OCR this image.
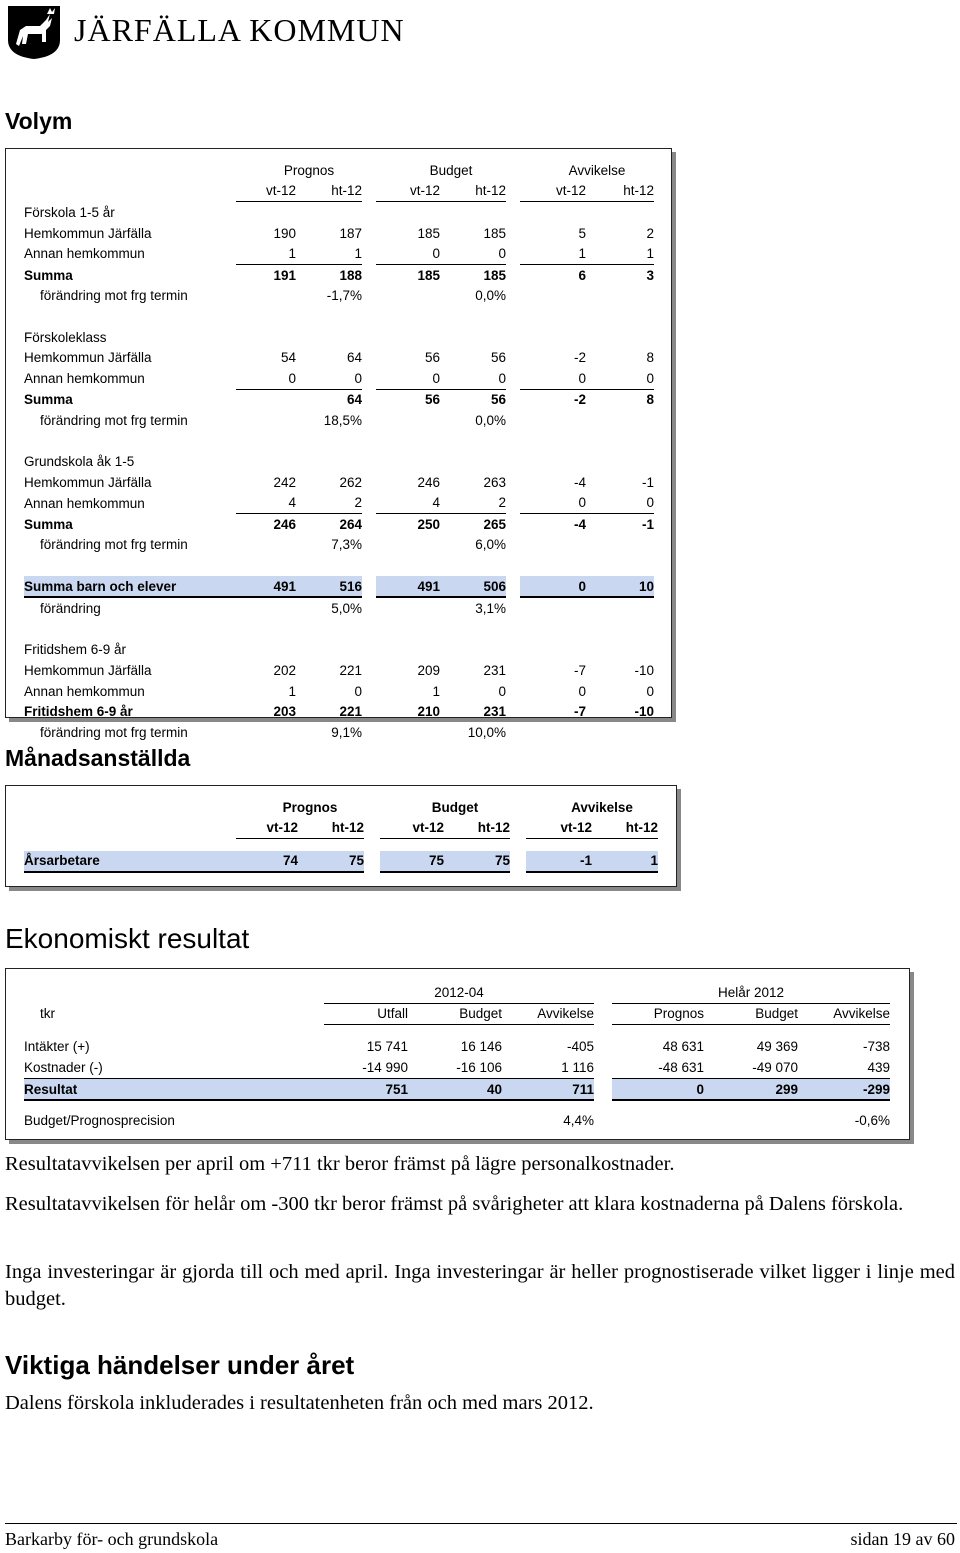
JÄRFÄLLA KOMMUN
Volym
	Prognos			Budget			Avvikelse	
	vt-12	ht-12		vt-12	ht-12		vt-12	ht-12
Förskola 1-5 år								
Hemkommun Järfälla	190	187		185	185		5	2
Annan hemkommun	1	1		0	0		1	1
Summa	191	188		185	185		6	3
förändring mot frg termin		-1,7%			0,0%			

Förskoleklass								
Hemkommun Järfälla	54	64		56	56		-2	8
Annan hemkommun	0	0		0	0		0	0
Summa		64		56	56		-2	8
förändring mot frg termin		18,5%			0,0%			

Grundskola åk 1-5								
Hemkommun Järfälla	242	262		246	263		-4	-1
Annan hemkommun	4	2		4	2		0	0
Summa	246	264		250	265		-4	-1
förändring mot frg termin		7,3%			6,0%			

Summa barn och elever	491	516		491	506		0	10
förändring		5,0%			3,1%			

Fritidshem 6-9 år								
Hemkommun Järfälla	202	221		209	231		-7	-10
Annan hemkommun	1	0		1	0		0	0
Fritidshem 6-9 år	203	221		210	231		-7	-10
förändring mot frg termin		9,1%			10,0%			
Månadsanställda
	Prognos			Budget			Avvikelse	
	vt-12	ht-12		vt-12	ht-12		vt-12	ht-12

Årsarbetare	74	75		75	75		-1	1
Ekonomiskt resultat
	2012-04				Helår 2012		
tkr	Utfall	Budget	Avvikelse		Prognos	Budget	Avvikelse

Intäkter (+)	15 741	16 146	-405		48 631	49 369	-738
Kostnader (-)	-14 990	-16 106	1 116		-48 631	-49 070	439
Resultat	751	40	711		0	299	-299

Budget/Prognosprecision			4,4%				-0,6%
Resultatavvikelsen per april om +711 tkr beror främst på lägre personalkostnader.
Resultatavvikelsen för helår om -300 tkr beror främst på svårigheter att klara kostnaderna på Dalens förskola.
Inga investeringar är gjorda till och med april. Inga investeringar är heller prognostiserade vilket ligger i linje med budget.
Viktiga händelser under året
Dalens förskola inkluderades i resultatenheten från och med mars 2012.
Barkarby för- och grundskola	sidan 19 av 60
